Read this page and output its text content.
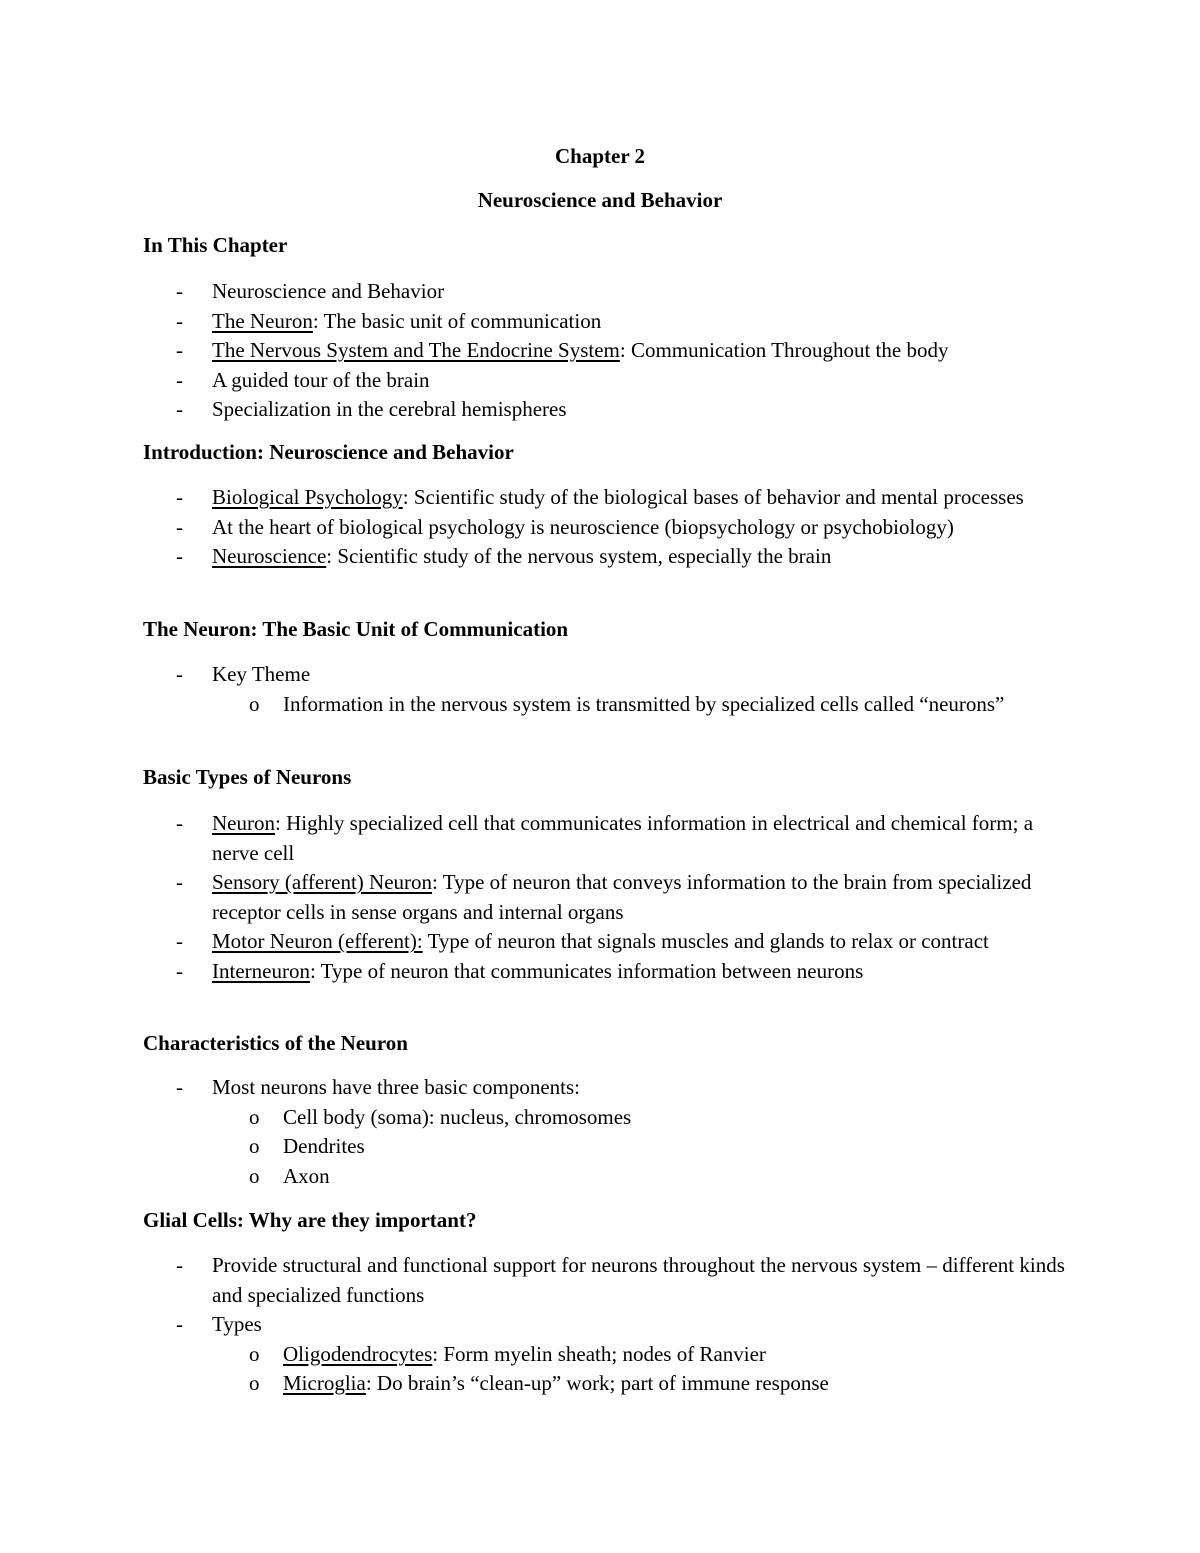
Chapter 2
Neuroscience and Behavior
In This Chapter
- Neuroscience and Behavior
- The Neuron: The basic unit of communication
- The Nervous System and The Endocrine System: Communication Throughout the body
- A guided tour of the brain
- Specialization in the cerebral hemispheres
Introduction: Neuroscience and Behavior
- Biological Psychology: Scientific study of the biological bases of behavior and mental processes
- At the heart of biological psychology is neuroscience (biopsychology or psychobiology)
- Neuroscience: Scientific study of the nervous system, especially the brain
The Neuron: The Basic Unit of Communication
- Key Theme
o Information in the nervous system is transmitted by specialized cells called “neurons”
Basic Types of Neurons
- Neuron: Highly specialized cell that communicates information in electrical and chemical form; a nerve cell
- Sensory (afferent) Neuron: Type of neuron that conveys information to the brain from specialized receptor cells in sense organs and internal organs
- Motor Neuron (efferent): Type of neuron that signals muscles and glands to relax or contract
- Interneuron: Type of neuron that communicates information between neurons
Characteristics of the Neuron
- Most neurons have three basic components:
o Cell body (soma): nucleus, chromosomes
o Dendrites
o Axon
Glial Cells: Why are they important?
- Provide structural and functional support for neurons throughout the nervous system – different kinds and specialized functions
- Types
o Oligodendrocytes: Form myelin sheath; nodes of Ranvier
o Microglia: Do brain’s “clean-up” work; part of immune response
